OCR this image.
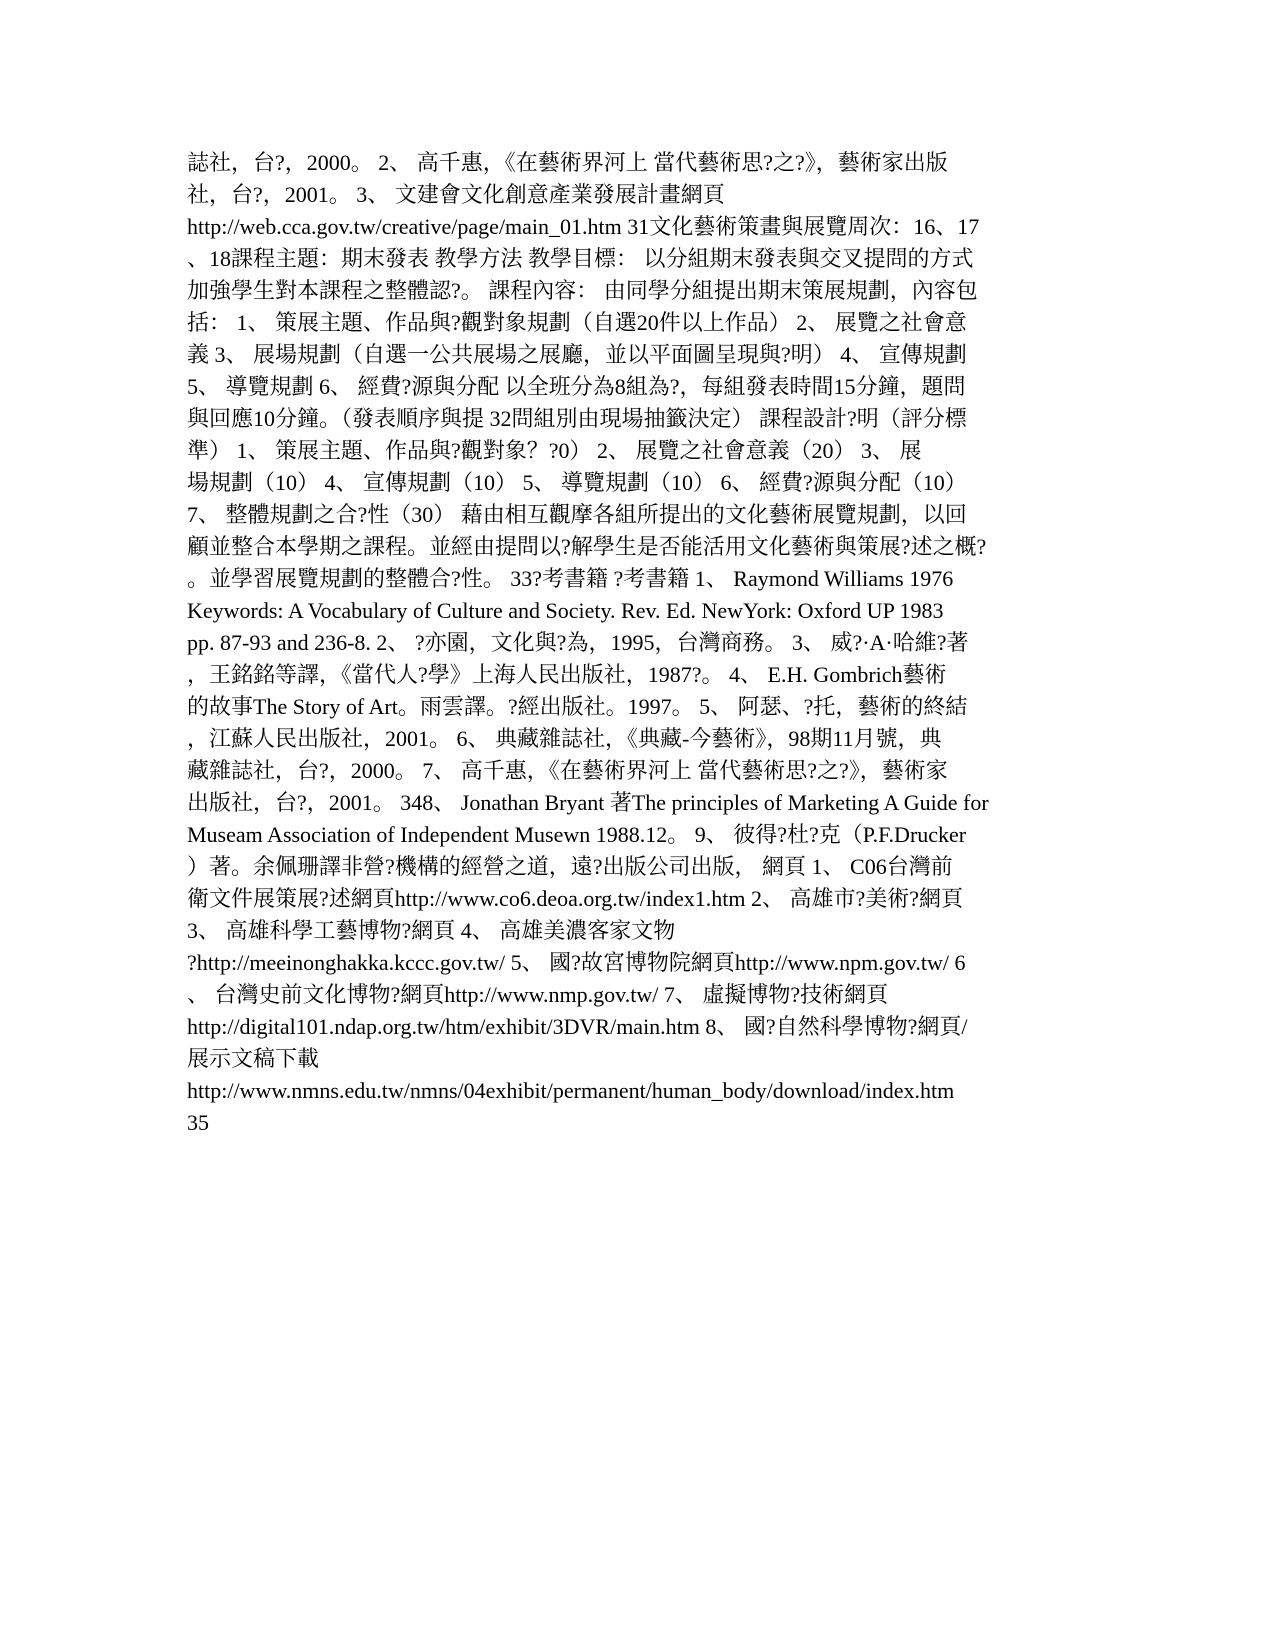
誌社，台?，2000。 2、 高千惠，《在藝術界河上 當代藝術思?之?》，藝術家出版
社，台?，2001。 3、 文建會文化創意產業發展計畫網頁
http://web.cca.gov.tw/creative/page/main_01.htm 31文化藝術策畫與展覽周次：16、17
、18課程主題：期末發表 教學方法 教學目標： 以分組期末發表與交叉提問的方式
加強學生對本課程之整體認?。 課程內容： 由同學分組提出期末策展規劃，內容包
括： 1、 策展主題、作品與?觀對象規劃（自選20件以上作品） 2、 展覽之社會意
義 3、 展場規劃（自選一公共展場之展廳，並以平面圖呈現與?明） 4、 宣傳規劃
5、 導覽規劃 6、 經費?源與分配 以全班分為8組為?，每組發表時間15分鐘，題問
與回應10分鐘。（發表順序與提 32問組別由現場抽籤決定） 課程設計?明（評分標
準） 1、 策展主題、作品與?觀對象？?0） 2、 展覽之社會意義（20） 3、 展
場規劃（10） 4、 宣傳規劃（10） 5、 導覽規劃（10） 6、 經費?源與分配（10）
7、 整體規劃之合?性（30） 藉由相互觀摩各組所提出的文化藝術展覽規劃，以回
顧並整合本學期之課程。並經由提問以?解學生是否能活用文化藝術與策展?述之概?
。並學習展覽規劃的整體合?性。 33?考書籍 ?考書籍 1、 Raymond Williams 1976
Keywords: A Vocabulary of Culture and Society. Rev. Ed. NewYork: Oxford UP 1983
pp. 87-93 and 236-8. 2、 ?亦園，文化與?為，1995，台灣商務。 3、 威?·A·哈維?著
，王銘銘等譯，《當代人?學》上海人民出版社，1987?。 4、 E.H. Gombrich藝術
的故事The Story of Art。雨雲譯。?經出版社。1997。 5、 阿瑟、?托，藝術的終結
，江蘇人民出版社，2001。 6、 典藏雜誌社，《典藏-今藝術》，98期11月號，典
藏雜誌社，台?，2000。 7、 高千惠，《在藝術界河上 當代藝術思?之?》，藝術家
出版社，台?，2001。 348、 Jonathan Bryant 著The principles of Marketing A Guide for
Museam Association of Independent Musewn 1988.12。 9、 彼得?杜?克（P.F.Drucker
）著。余佩珊譯非營?機構的經營之道，遠?出版公司出版， 網頁 1、 C06台灣前
衛文件展策展?述網頁http://www.co6.deoa.org.tw/index1.htm 2、 高雄市?美術?網頁
3、 高雄科學工藝博物?網頁 4、 高雄美濃客家文物
?http://meeinonghakka.kccc.gov.tw/ 5、 國?故宮博物院網頁http://www.npm.gov.tw/ 6
、 台灣史前文化博物?網頁http://www.nmp.gov.tw/ 7、 虛擬博物?技術網頁
http://digital101.ndap.org.tw/htm/exhibit/3DVR/main.htm 8、 國?自然科學博物?網頁/
展示文稿下載
http://www.nmns.edu.tw/nmns/04exhibit/permanent/human_body/download/index.htm
35
